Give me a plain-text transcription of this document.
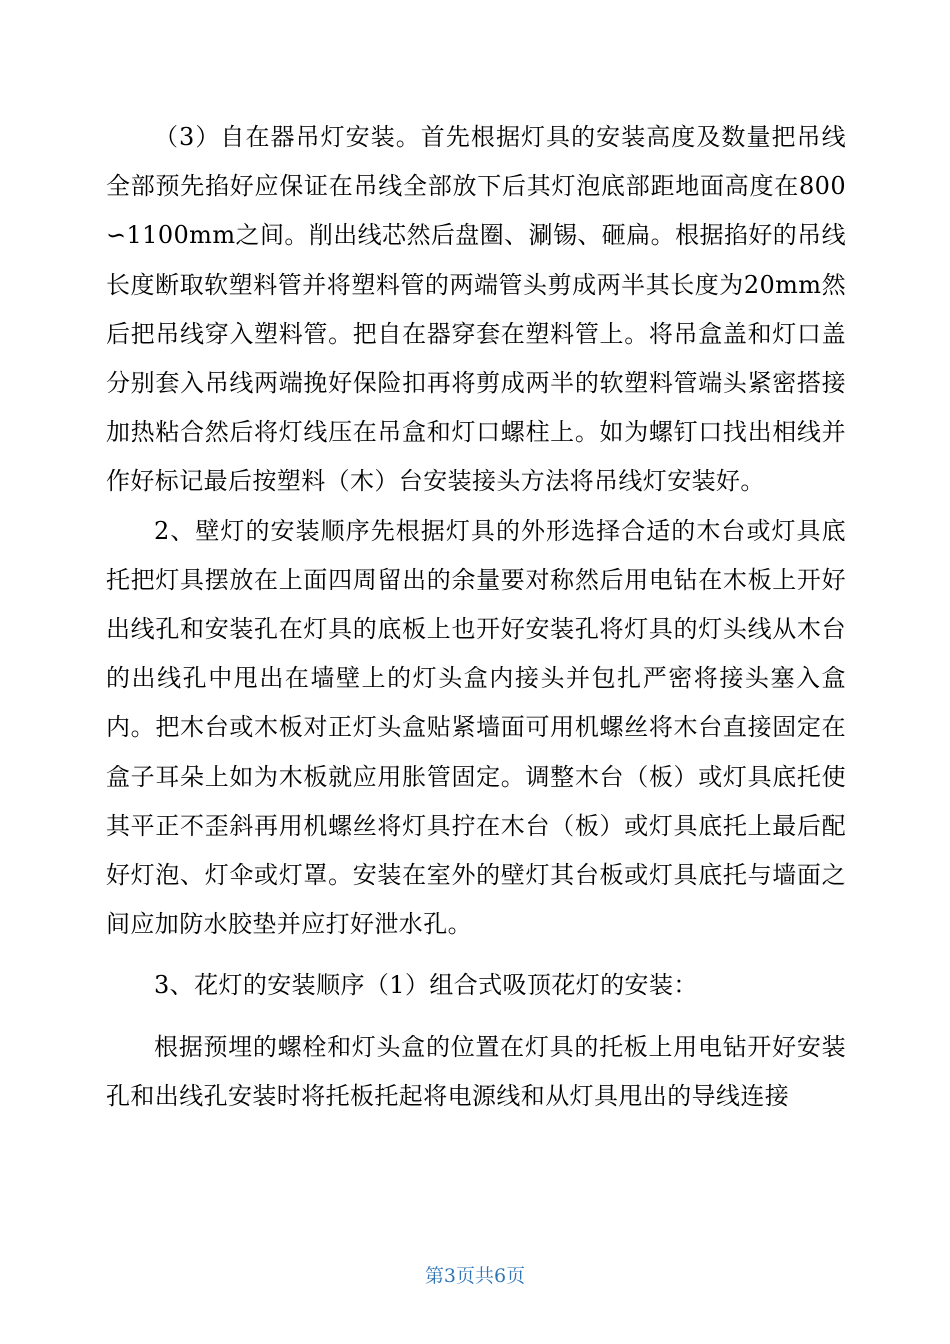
（3）自在器吊灯安装。首先根据灯具的安装高度及数量把吊线全部预先掐好应保证在吊线全部放下后其灯泡底部距地面高度在800∽1100mm之间。削出线芯然后盘圈、涮锡、砸扁。根据掐好的吊线长度断取软塑料管并将塑料管的两端管头剪成两半其长度为20mm然后把吊线穿入塑料管。把自在器穿套在塑料管上。将吊盒盖和灯口盖分别套入吊线两端挽好保险扣再将剪成两半的软塑料管端头紧密搭接加热粘合然后将灯线压在吊盒和灯口螺柱上。如为螺钉口找出相线并作好标记最后按塑料（木）台安装接头方法将吊线灯安装好。

2、壁灯的安装顺序先根据灯具的外形选择合适的木台或灯具底托把灯具摆放在上面四周留出的余量要对称然后用电钻在木板上开好出线孔和安装孔在灯具的底板上也开好安装孔将灯具的灯头线从木台的出线孔中甩出在墙壁上的灯头盒内接头并包扎严密将接头塞入盒内。把木台或木板对正灯头盒贴紧墙面可用机螺丝将木台直接固定在盒子耳朵上如为木板就应用胀管固定。调整木台（板）或灯具底托使其平正不歪斜再用机螺丝将灯具拧在木台（板）或灯具底托上最后配好灯泡、灯伞或灯罩。安装在室外的壁灯其台板或灯具底托与墙面之间应加防水胶垫并应打好泄水孔。

3、花灯的安装顺序（1）组合式吸顶花灯的安装：

根据预埋的螺栓和灯头盒的位置在灯具的托板上用电钻开好安装孔和出线孔安装时将托板托起将电源线和从灯具甩出的导线连接

第3页共6页
